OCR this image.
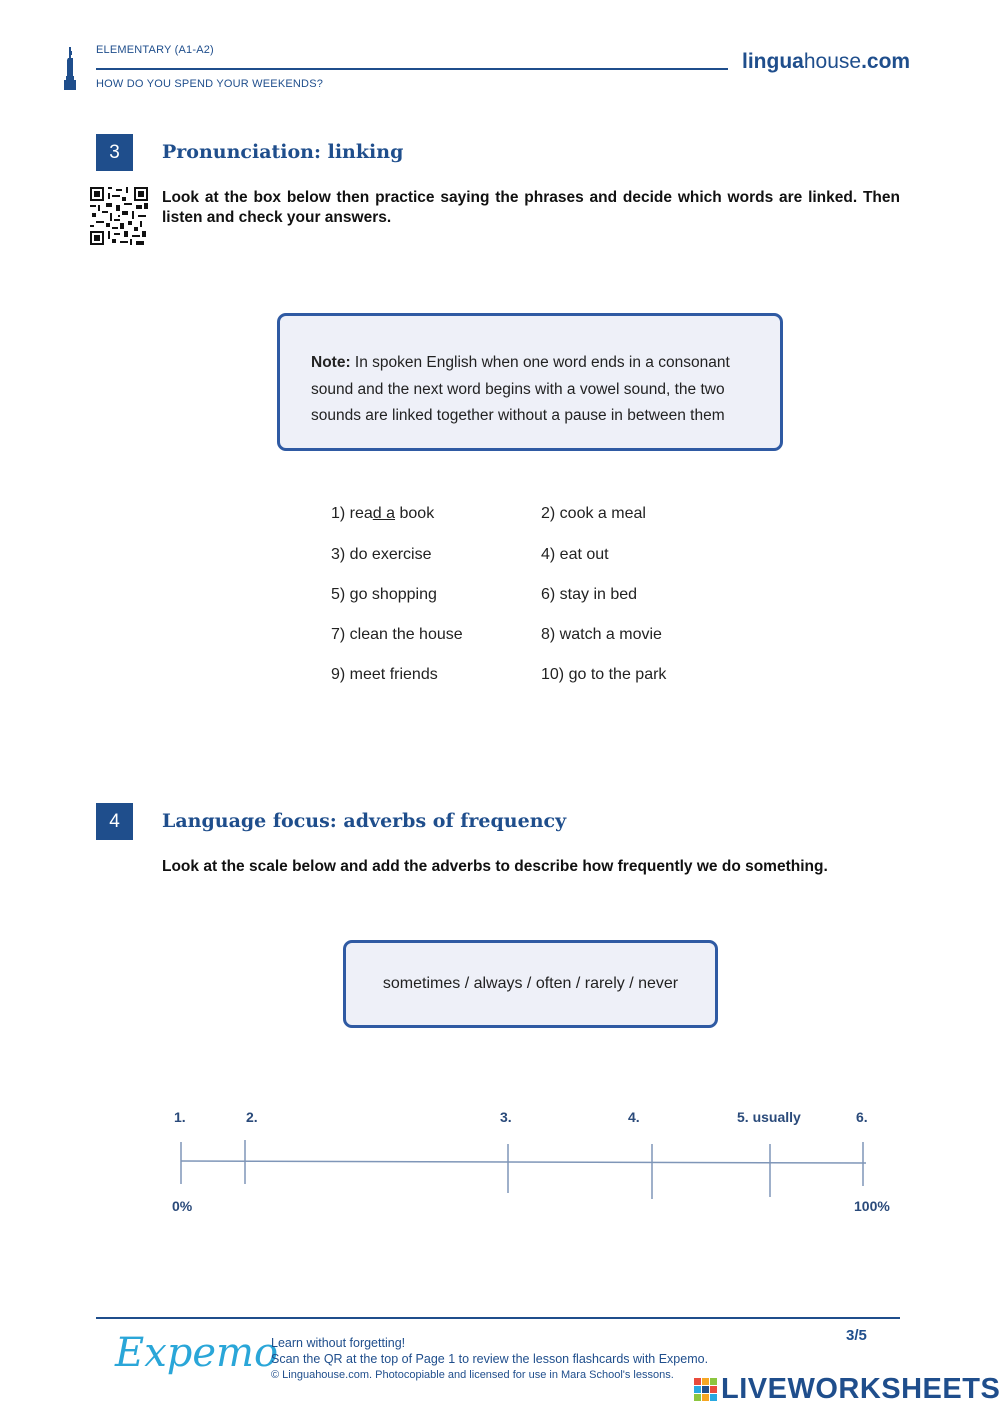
ELEMENTARY (A1-A2)
HOW DO YOU SPEND YOUR WEEKENDS?
linguahouse.com
3	Pronunciation: linking
Look at the box below then practice saying the phrases and decide which words are linked. Then listen and check your answers.
Note: In spoken English when one word ends in a consonant sound and the next word begins with a vowel sound, the two sounds are linked together without a pause in between them
1) read a book	2) cook a meal
3) do exercise	4) eat out
5) go shopping	6) stay in bed
7) clean the house	8) watch a movie
9) meet friends	10) go to the park
4	Language focus: adverbs of frequency
Look at the scale below and add the adverbs to describe how frequently we do something.
sometimes / always / often / rarely / never
1.	2.	3.	4.	5. usually	6.
0%	100%
Expemo
Learn without forgetting!
Scan the QR at the top of Page 1 to review the lesson flashcards with Expemo.
© Linguahouse.com. Photocopiable and licensed for use in Mara School's lessons.
3/5
LIVEWORKSHEETS
